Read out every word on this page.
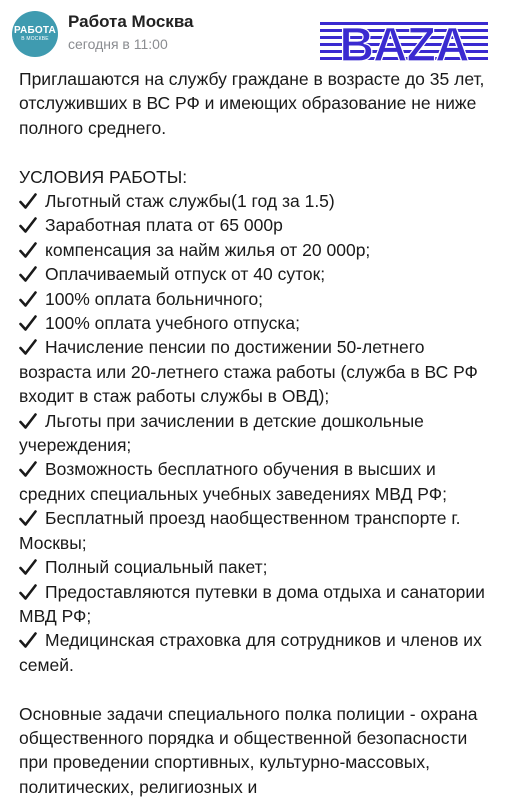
РАБОТА
В МОСКВЕ
Работа Москва
сегодня в 11:00	BAZA

Приглашаются на службу граждане в возрасте до 35 лет, отслуживших в ВС РФ и имеющих образование не ниже полного среднего.

УСЛОВИЯ РАБОТЫ:

Льготный стаж службы(1 год за 1.5)
Заработная плата от 65 000р
компенсация за найм жилья от 20 000р;
Оплачиваемый отпуск от 40 суток;
100% оплата больничного;
100% оплата учебного отпуска;
Начисление пенсии по достижении 50-летнего возраста или 20-летнего стажа работы (служба в ВС РФ входит в стаж работы службы в ОВД);
Льготы при зачислении в детские дошкольные учереждения;
Возможность бесплатного обучения в высших и средних специальных учебных заведениях МВД РФ;
Бесплатный проезд наобщественном транспорте г. Москвы;
Полный социальный пакет;
Предоставляются путевки в дома отдыха и санатории МВД РФ;
Медицинская страховка для сотрудников и членов их семей.

Основные задачи специального полка полиции - охрана общественного порядка и общественной безопасности при проведении спортивных, культурно-массовых, политических, религиозных и
